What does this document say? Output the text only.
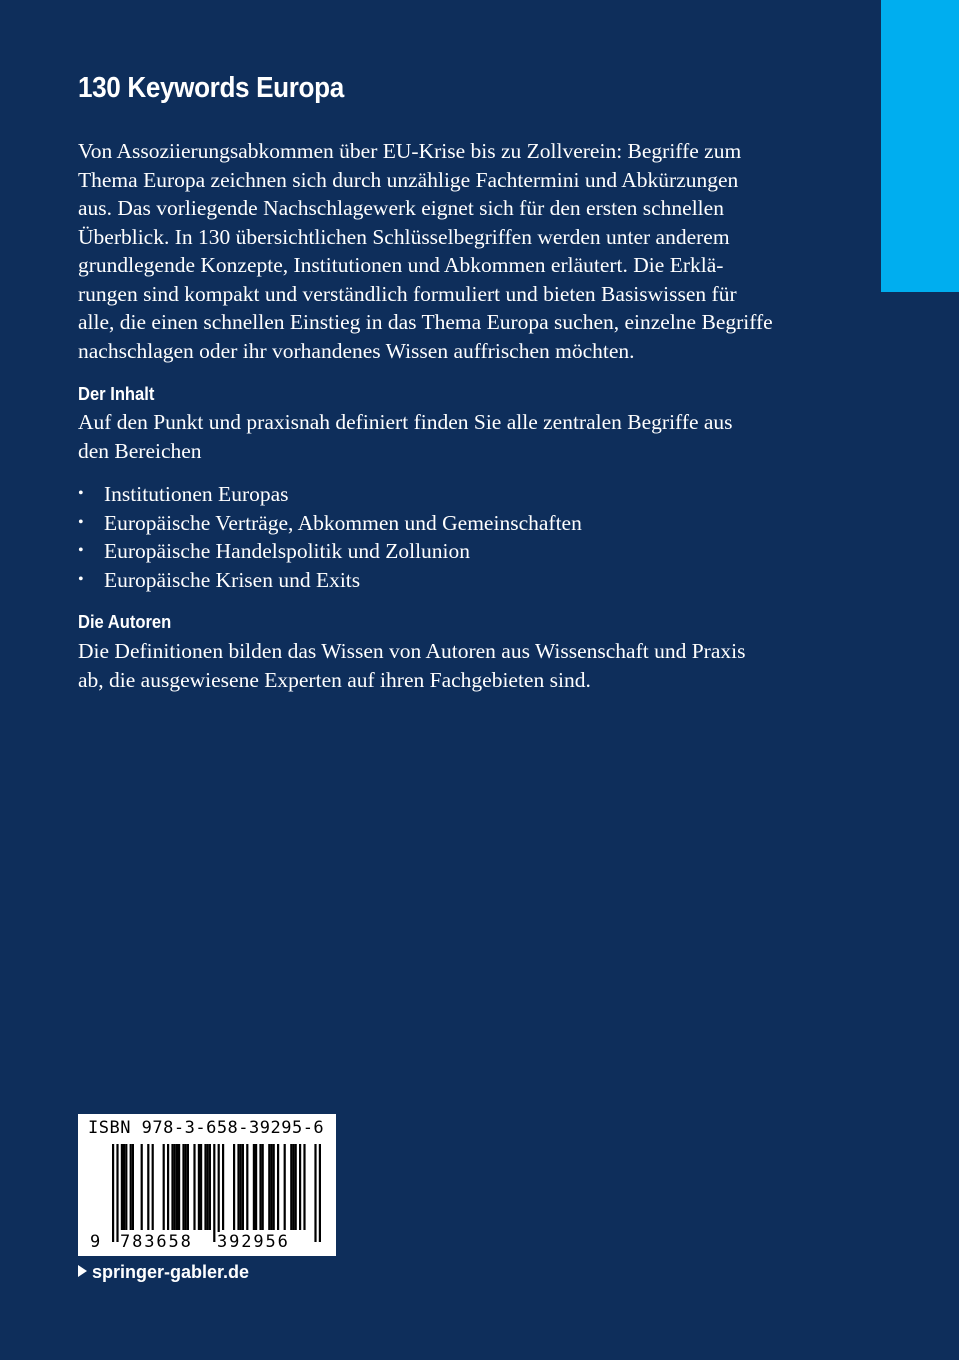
130 Keywords Europa
Von Assoziierungsabkommen über EU-Krise bis zu Zollverein: Begriffe zum
Thema Europa zeichnen sich durch unzählige Fachtermini und Abkürzungen
aus. Das vorliegende Nachschlagewerk eignet sich für den ersten schnellen
Überblick. In 130 übersichtlichen Schlüsselbegriffen werden unter anderem
grundlegende Konzepte, Institutionen und Abkommen erläutert. Die Erklä-
rungen sind kompakt und verständlich formuliert und bieten Basiswissen für
alle, die einen schnellen Einstieg in das Thema Europa suchen, einzelne Begriffe
nachschlagen oder ihr vorhandenes Wissen auffrischen möchten.
Der Inhalt
Auf den Punkt und praxisnah definiert finden Sie alle zentralen Begriffe aus
den Bereichen
• Institutionen Europas
• Europäische Verträge, Abkommen und Gemeinschaften
• Europäische Handelspolitik und Zollunion
• Europäische Krisen und Exits
Die Autoren
Die Definitionen bilden das Wissen von Autoren aus Wissenschaft und Praxis
ab, die ausgewiesene Experten auf ihren Fachgebieten sind.
ISBN 978-3-658-39295-6
9 783658 392956
springer-gabler.de
